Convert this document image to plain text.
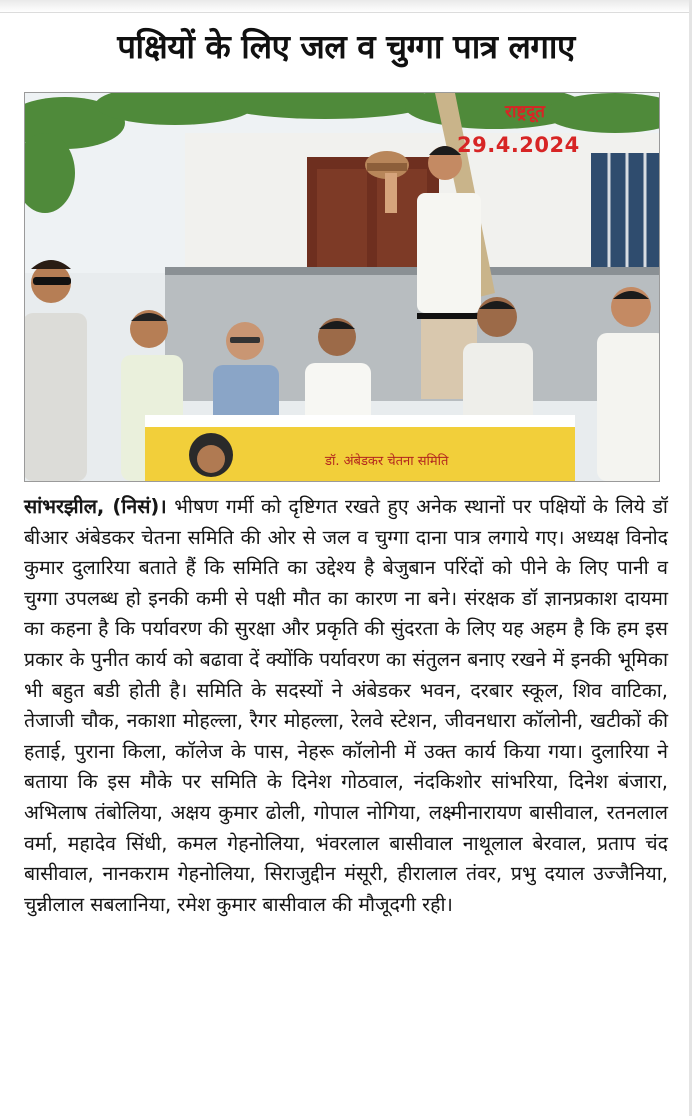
पक्षियों के लिए जल व चुग्गा पात्र लगाए
डॉ. अंबेडकर चेतना समिति
राष्ट्रदूत
29.4.2024

सांभरझील, (निसं)। भीषण गर्मी को दृष्टिगत रखते हुए अनेक स्थानों पर पक्षियों के लिये डॉ बीआर अंबेडकर चेतना समिति की ओर से जल व चुग्गा दाना पात्र लगाये गए। अध्यक्ष विनोद कुमार दुलारिया बताते हैं कि समिति का उद्देश्य है बेजुबान परिंदों को पीने के लिए पानी व चुग्गा उपलब्ध हो इनकी कमी से पक्षी मौत का कारण ना बने। संरक्षक डॉ ज्ञानप्रकाश दायमा का कहना है कि पर्यावरण की सुरक्षा और प्रकृति की सुंदरता के लिए यह अहम है कि हम इस प्रकार के पुनीत कार्य को बढावा दें क्योंकि पर्यावरण का संतुलन बनाए रखने में इनकी भूमिका भी बहुत बडी होती है। समिति के सदस्यों ने अंबेडकर भवन, दरबार स्कूल, शिव वाटिका, तेजाजी चौक, नकाशा मोहल्ला, रैगर मोहल्ला, रेलवे स्टेशन, जीवनधारा कॉलोनी, खटीकों की हताई, पुराना किला, कॉलेज के पास, नेहरू कॉलोनी में उक्त कार्य किया गया। दुलारिया ने बताया कि इस मौके पर समिति के दिनेश गोठवाल, नंदकिशोर सांभरिया, दिनेश बंजारा, अभिलाष तंबोलिया, अक्षय कुमार ढोली, गोपाल नोगिया, लक्ष्मीनारायण बासीवाल, रतनलाल वर्मा, महादेव सिंधी, कमल गेहनोलिया, भंवरलाल बासीवाल नाथूलाल बेरवाल, प्रताप चंद बासीवाल, नानकराम गेहनोलिया, सिराजुद्दीन मंसूरी, हीरालाल तंवर, प्रभु दयाल उज्जैनिया, चुन्नीलाल सबलानिया, रमेश कुमार बासीवाल की मौजूदगी रही।
